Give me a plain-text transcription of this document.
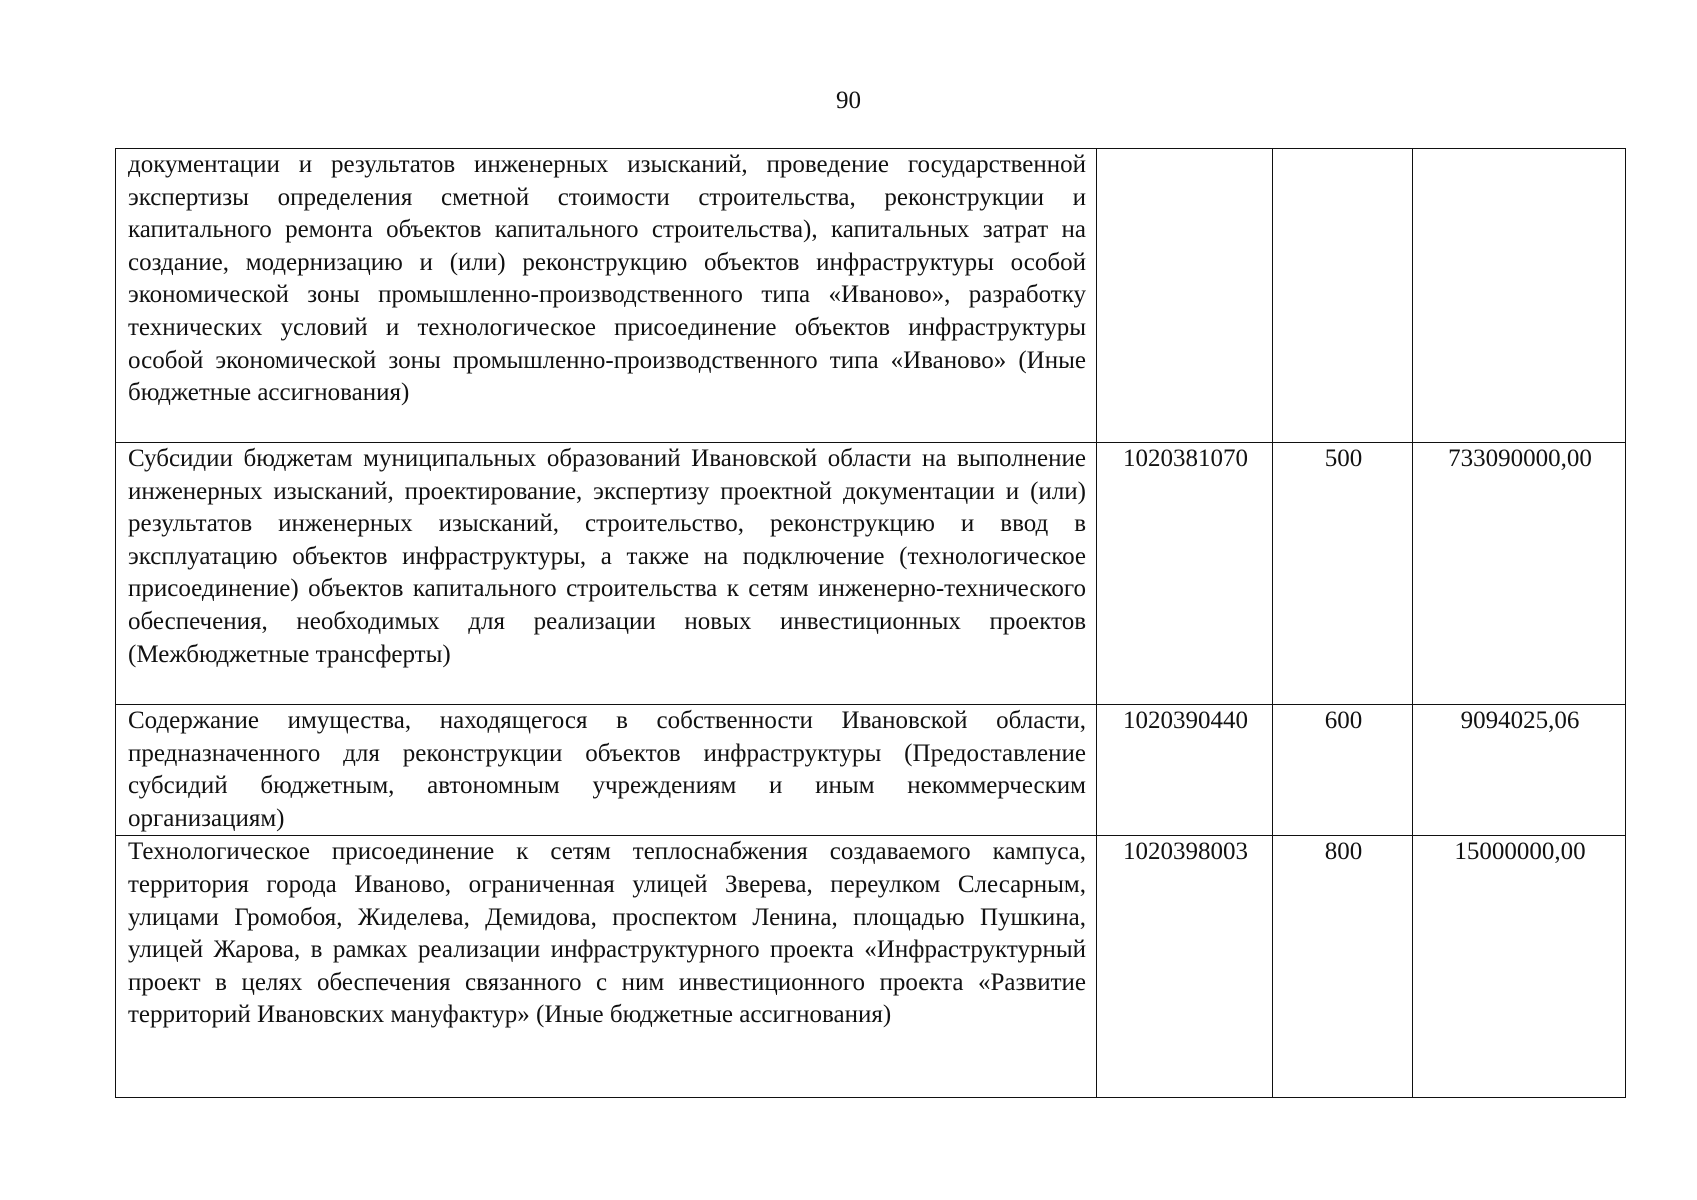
90
документации и результатов инженерных изысканий, проведение государственной экспертизы определения сметной стоимости строительства, реконструкции и капитального ремонта объектов капитального строительства), капитальных затрат на создание, модернизацию и (или) реконструкцию объектов инфраструктуры особой экономической зоны промышленно-производственного типа «Иваново», разработку технических условий и технологическое присоединение объектов инфраструктуры особой экономической зоны промышленно-производственного типа «Иваново» (Иные бюджетные ассигнования)			
Субсидии бюджетам муниципальных образований Ивановской области на выполнение инженерных изысканий, проектирование, экспертизу проектной документации и (или) результатов инженерных изысканий, строительство, реконструкцию и ввод в эксплуатацию объектов инфраструктуры, а также на подключение (технологическое присоединение) объектов капитального строительства к сетям инженерно-технического обеспечения, необходимых для реализации новых инвестиционных проектов (Межбюджетные трансферты)	1020381070	500	733090000,00
Содержание имущества, находящегося в собственности Ивановской области, предназначенного для реконструкции объектов инфраструктуры (Предоставление субсидий бюджетным, автономным учреждениям и иным некоммерческим организациям)	1020390440	600	9094025,06
Технологическое присоединение к сетям теплоснабжения создаваемого кампуса, территория города Иваново, ограниченная улицей Зверева, переулком Слесарным, улицами Громобоя, Жиделева, Демидова, проспектом Ленина, площадью Пушкина, улицей Жарова, в рамках реализации инфраструктурного проекта «Инфраструктурный проект в целях обеспечения связанного с ним инвестиционного проекта «Развитие территорий Ивановских мануфактур» (Иные бюджетные ассигнования)	1020398003	800	15000000,00
